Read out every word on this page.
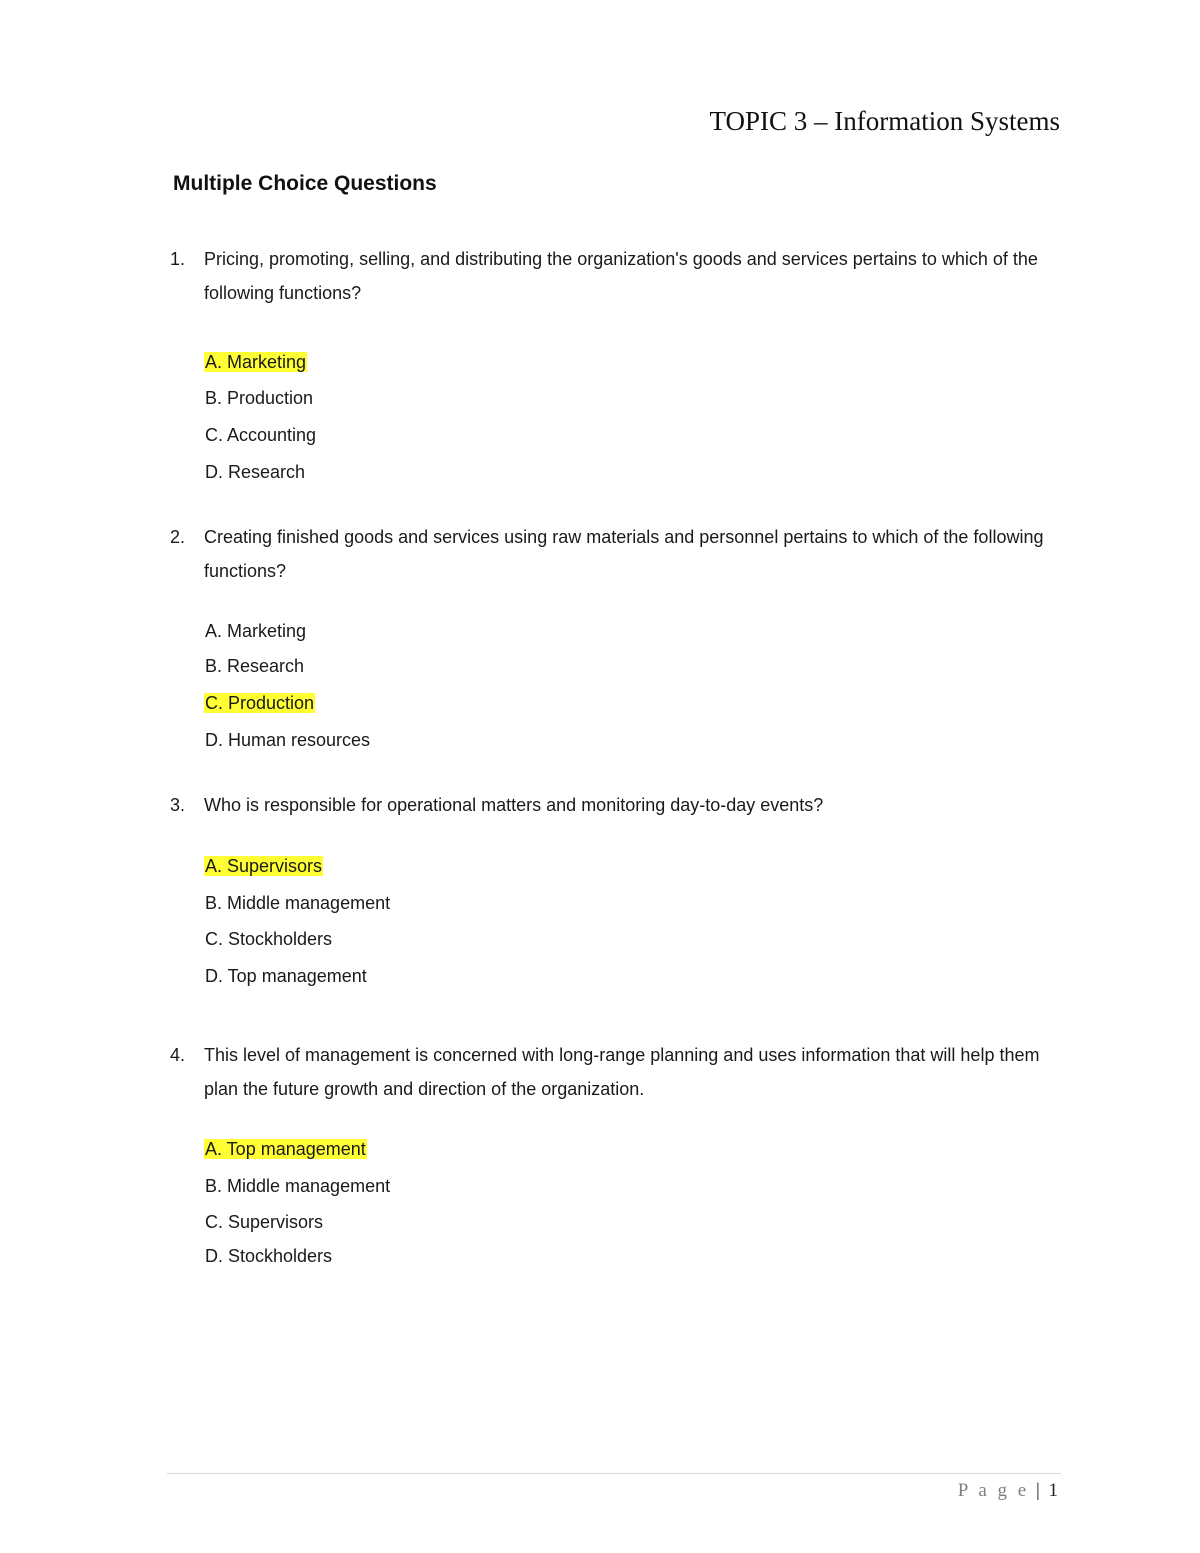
TOPIC 3 – Information Systems
Multiple Choice Questions
1. Pricing, promoting, selling, and distributing the organization's goods and services pertains to which of the following functions?
A. Marketing
B. Production
C. Accounting
D. Research
2. Creating finished goods and services using raw materials and personnel pertains to which of the following functions?
A. Marketing
B. Research
C. Production
D. Human resources
3. Who is responsible for operational matters and monitoring day-to-day events?
A. Supervisors
B. Middle management
C. Stockholders
D. Top management
4. This level of management is concerned with long-range planning and uses information that will help them plan the future growth and direction of the organization.
A. Top management
B. Middle management
C. Supervisors
D. Stockholders
P a g e | 1
